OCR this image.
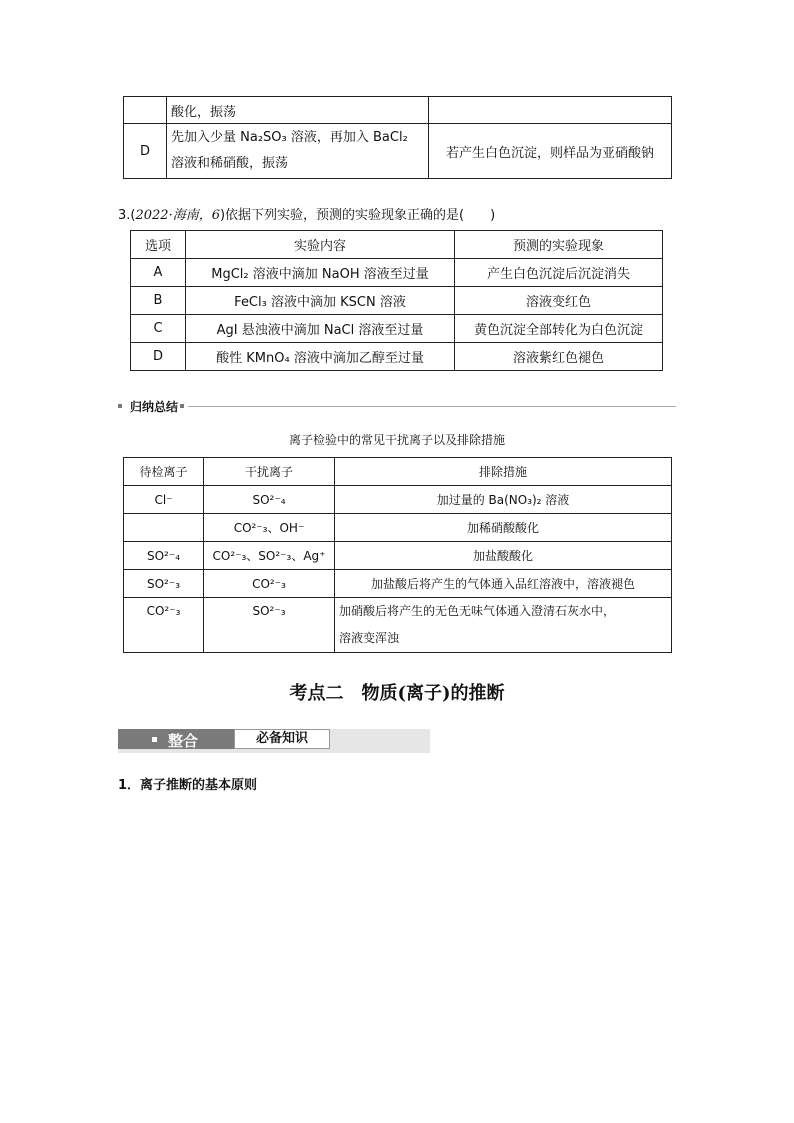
	酸化，振荡	
D	先加入少量 Na₂SO₃ 溶液，再加入 BaCl₂
溶液和稀硝酸，振荡	若产生白色沉淀，则样品为亚硝酸钠
3.(2022·海南，6)依据下列实验，预测的实验现象正确的是(　　)
选项	实验内容	预测的实验现象
A	MgCl₂ 溶液中滴加 NaOH 溶液至过量	产生白色沉淀后沉淀消失
B	FeCl₃ 溶液中滴加 KSCN 溶液	溶液变红色
C	AgI 悬浊液中滴加 NaCl 溶液至过量	黄色沉淀全部转化为白色沉淀
D	酸性 KMnO₄ 溶液中滴加乙醇至过量	溶液紫红色褪色
归纳总结
离子检验中的常见干扰离子以及排除措施
待检离子	干扰离子	排除措施
Cl⁻	SO²⁻₄	加过量的 Ba(NO₃)₂ 溶液
	CO²⁻₃、OH⁻	加稀硝酸酸化
SO²⁻₄	CO²⁻₃、SO²⁻₃、Ag⁺	加盐酸酸化
SO²⁻₃	CO²⁻₃	加盐酸后将产生的气体通入品红溶液中，溶液褪色
CO²⁻₃	SO²⁻₃	加硝酸后将产生的无色无味气体通入澄清石灰水中，
溶液变浑浊
考点二　物质(离子)的推断
整合	必备知识
1．离子推断的基本原则
